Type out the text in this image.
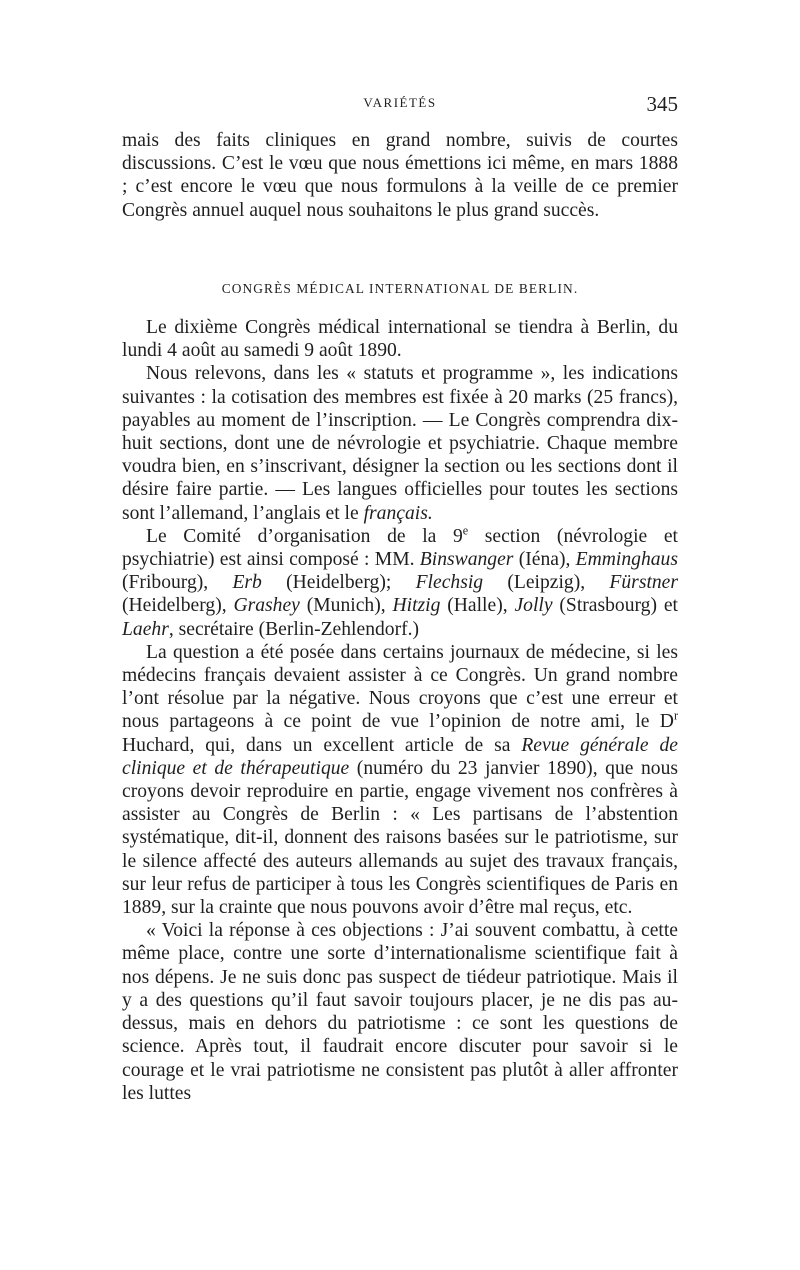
VARIÉTÉS	345

mais des faits cliniques en grand nombre, suivis de courtes discussions. C’est le vœu que nous émettions ici même, en mars 1888 ; c’est encore le vœu que nous formulons à la veille de ce premier Congrès annuel auquel nous souhaitons le plus grand succès.

CONGRÈS MÉDICAL INTERNATIONAL DE BERLIN.

Le dixième Congrès médical international se tiendra à Berlin, du lundi 4 août au samedi 9 août 1890.

Nous relevons, dans les « statuts et programme », les indications suivantes : la cotisation des membres est fixée à 20 marks (25 francs), payables au moment de l’inscription. — Le Congrès comprendra dix-huit sections, dont une de névrologie et psychiatrie. Chaque membre voudra bien, en s’inscrivant, désigner la section ou les sections dont il désire faire partie. — Les langues officielles pour toutes les sections sont l’allemand, l’anglais et le français.

Le Comité d’organisation de la 9e section (névrologie et psychiatrie) est ainsi composé : MM. Binswanger (Iéna), Emminghaus (Fribourg), Erb (Heidelberg); Flechsig (Leipzig), Fürstner (Heidelberg), Grashey (Munich), Hitzig (Halle), Jolly (Strasbourg) et Laehr, secrétaire (Berlin-Zehlendorf.)

La question a été posée dans certains journaux de médecine, si les médecins français devaient assister à ce Congrès. Un grand nombre l’ont résolue par la négative. Nous croyons que c’est une erreur et nous partageons à ce point de vue l’opinion de notre ami, le $D^r$ Huchard, qui, dans un excellent article de sa Revue générale de clinique et de thérapeutique (numéro du 23 janvier 1890), que nous croyons devoir reproduire en partie, engage vivement nos confrères à assister au Congrès de Berlin : « Les partisans de l’abstention systématique, dit-il, donnent des raisons basées sur le patriotisme, sur le silence affecté des auteurs allemands au sujet des travaux français, sur leur refus de participer à tous les Congrès scientifiques de Paris en 1889, sur la crainte que nous pouvons avoir d’être mal reçus, etc.

« Voici la réponse à ces objections : J’ai souvent combattu, à cette même place, contre une sorte d’internationalisme scientifique fait à nos dépens. Je ne suis donc pas suspect de tiédeur patriotique. Mais il y a des questions qu’il faut savoir toujours placer, je ne dis pas au-dessus, mais en dehors du patriotisme : ce sont les questions de science. Après tout, il faudrait encore discuter pour savoir si le courage et le vrai patriotisme ne consistent pas plutôt à aller affronter les luttes
